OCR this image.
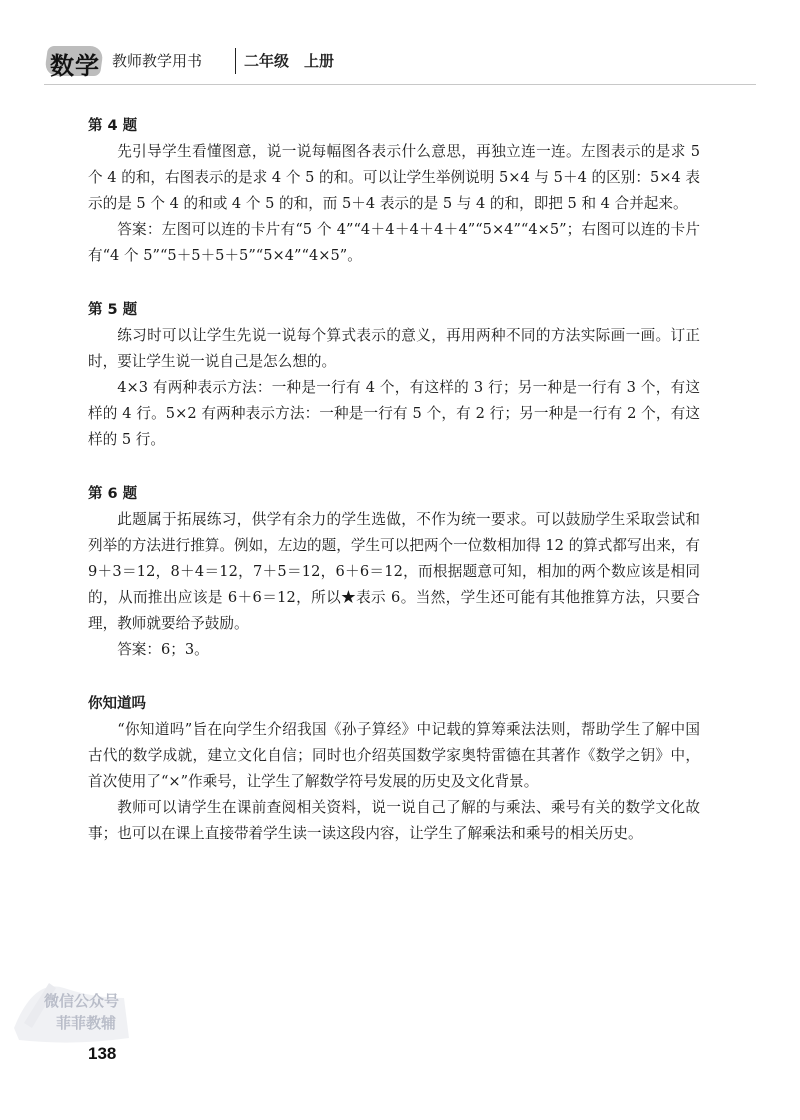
数学 教师教学用书	二年级　上册
第 4 题

先引导学生看懂图意，说一说每幅图各表示什么意思，再独立连一连。左图表示的是求 5 个 4 的和，右图表示的是求 4 个 5 的和。可以让学生举例说明 5×4 与 5＋4 的区别：5×4 表示的是 5 个 4 的和或 4 个 5 的和，而 5＋4 表示的是 5 与 4 的和，即把 5 和 4 合并起来。

答案：左图可以连的卡片有“5 个 4”“4＋4＋4＋4＋4”“5×4”“4×5”；右图可以连的卡片有“4 个 5”“5＋5＋5＋5”“5×4”“4×5”。

第 5 题

练习时可以让学生先说一说每个算式表示的意义，再用两种不同的方法实际画一画。订正时，要让学生说一说自己是怎么想的。

4×3 有两种表示方法：一种是一行有 4 个，有这样的 3 行；另一种是一行有 3 个，有这样的 4 行。5×2 有两种表示方法：一种是一行有 5 个，有 2 行；另一种是一行有 2 个，有这样的 5 行。

第 6 题

此题属于拓展练习，供学有余力的学生选做，不作为统一要求。可以鼓励学生采取尝试和列举的方法进行推算。例如，左边的题，学生可以把两个一位数相加得 12 的算式都写出来，有 9＋3＝12，8＋4＝12，7＋5＝12，6＋6＝12，而根据题意可知，相加的两个数应该是相同的，从而推出应该是 6＋6＝12，所以★表示 6。当然，学生还可能有其他推算方法，只要合理，教师就要给予鼓励。

答案：6；3。

你知道吗

“你知道吗”旨在向学生介绍我国《孙子算经》中记载的算筹乘法法则，帮助学生了解中国古代的数学成就，建立文化自信；同时也介绍英国数学家奥特雷德在其著作《数学之钥》中，首次使用了“×”作乘号，让学生了解数学符号发展的历史及文化背景。

教师可以请学生在课前查阅相关资料，说一说自己了解的与乘法、乘号有关的数学文化故事；也可以在课上直接带着学生读一读这段内容，让学生了解乘法和乘号的相关历史。

微信公众号
菲菲教辅
138
